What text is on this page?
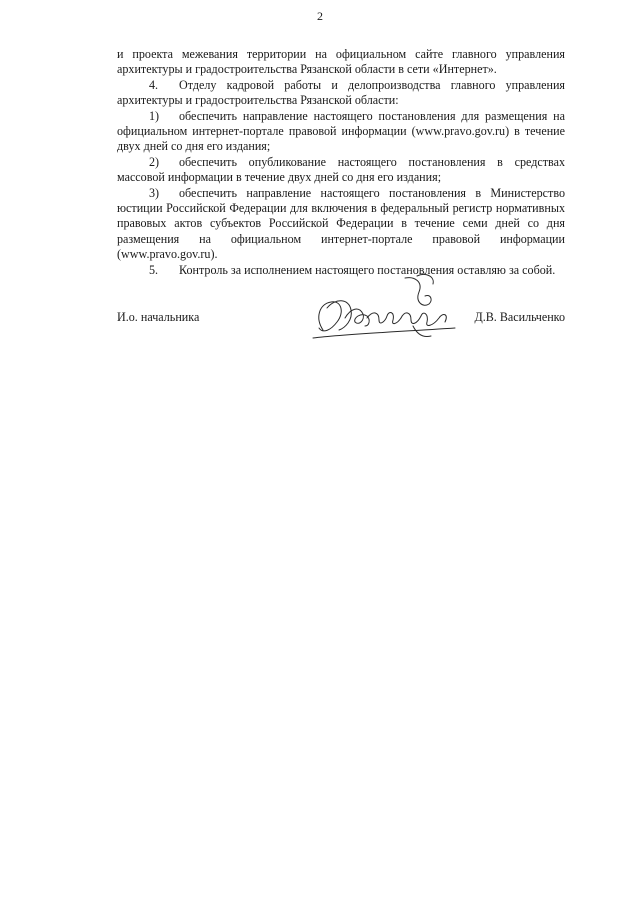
2

и проекта межевания территории на официальном сайте главного управления архитектуры и градостроительства Рязанской области в сети «Интернет».

4. Отделу кадровой работы и делопроизводства главного управления архитектуры и градостроительства Рязанской области:

1) обеспечить направление настоящего постановления для размещения на официальном интернет-портале правовой информации (www.pravo.gov.ru) в течение двух дней со дня его издания;

2) обеспечить опубликование настоящего постановления в средствах массовой информации в течение двух дней со дня его издания;

3) обеспечить направление настоящего постановления в Министерство юстиции Российской Федерации для включения в федеральный регистр нормативных правовых актов субъектов Российской Федерации в течение семи дней со дня размещения на официальном интернет-портале правовой информации (www.pravo.gov.ru).

5. Контроль за исполнением настоящего постановления оставляю за собой.

И.о. начальника	Д.В. Васильченко
